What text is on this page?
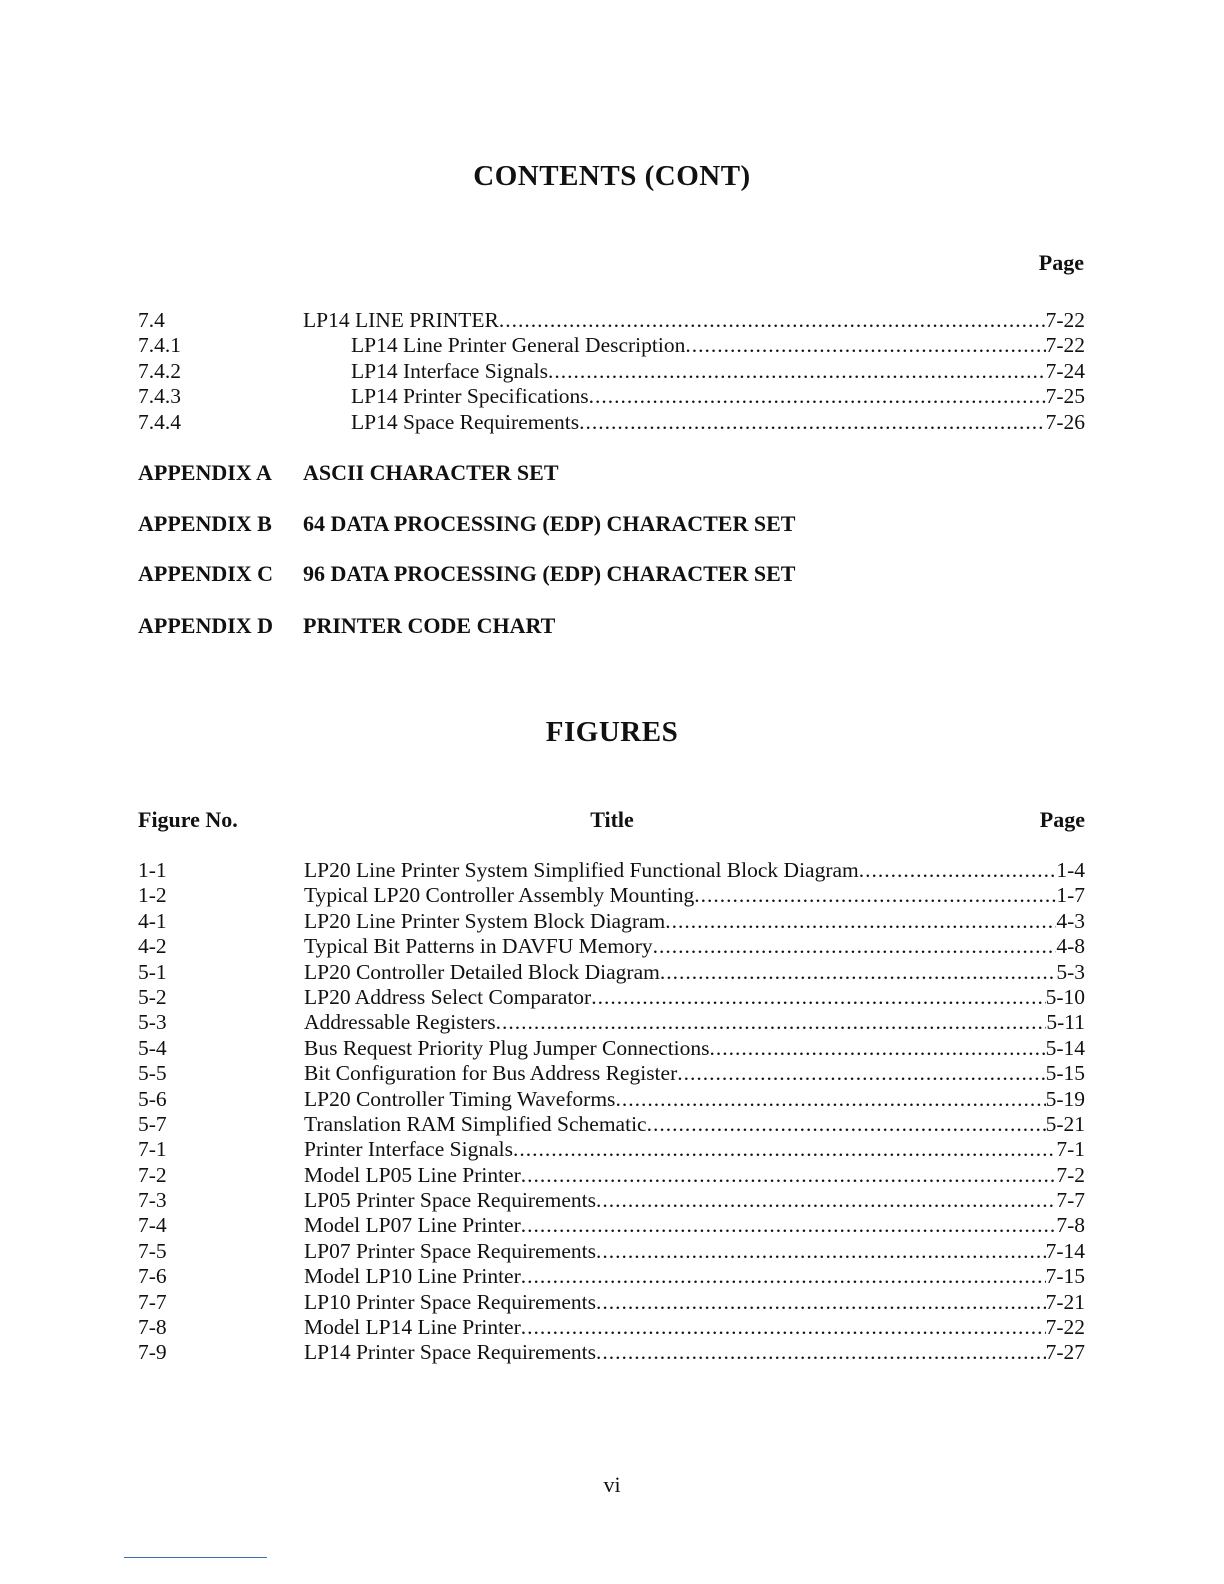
CONTENTS (CONT)
Page
7.4	LP14 LINE PRINTER .....	7-22
7.4.1	LP14 Line Printer General Description .....	7-22
7.4.2	LP14 Interface Signals .....	7-24
7.4.3	LP14 Printer Specifications .....	7-25
7.4.4	LP14 Space Requirements .....	7-26
APPENDIX A	ASCII CHARACTER SET
APPENDIX B	64 DATA PROCESSING (EDP) CHARACTER SET
APPENDIX C	96 DATA PROCESSING (EDP) CHARACTER SET
APPENDIX D	PRINTER CODE CHART
FIGURES
Figure No.	Title	Page
1-1	LP20 Line Printer System Simplified Functional Block Diagram .....	1-4
1-2	Typical LP20 Controller Assembly Mounting .....	1-7
4-1	LP20 Line Printer System Block Diagram .....	4-3
4-2	Typical Bit Patterns in DAVFU Memory .....	4-8
5-1	LP20 Controller Detailed Block Diagram .....	5-3
5-2	LP20 Address Select Comparator .....	5-10
5-3	Addressable Registers .....	5-11
5-4	Bus Request Priority Plug Jumper Connections .....	5-14
5-5	Bit Configuration for Bus Address Register .....	5-15
5-6	LP20 Controller Timing Waveforms .....	5-19
5-7	Translation RAM Simplified Schematic .....	5-21
7-1	Printer Interface Signals .....	7-1
7-2	Model LP05 Line Printer .....	7-2
7-3	LP05 Printer Space Requirements .....	7-7
7-4	Model LP07 Line Printer .....	7-8
7-5	LP07 Printer Space Requirements .....	7-14
7-6	Model LP10 Line Printer .....	7-15
7-7	LP10 Printer Space Requirements .....	7-21
7-8	Model LP14 Line Printer .....	7-22
7-9	LP14 Printer Space Requirements .....	7-27
vi
